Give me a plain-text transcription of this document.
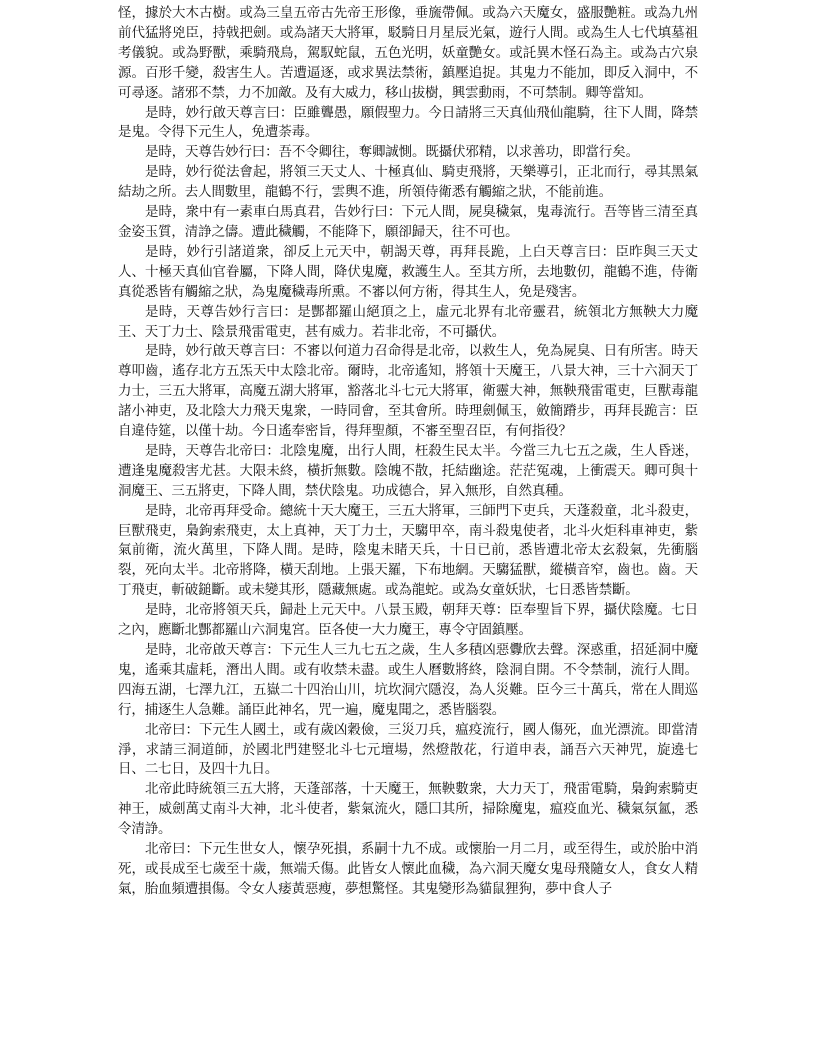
怪，據於大木古樹。或為三皇五帝古先帝王形像，垂旒帶佩。或為六天魔女，盛服艷粧。或為九州前代猛將兇臣，持戟把劍。或為諸天大將軍，駁騎日月星辰光氣，遊行人間。或為生人七代填墓祖考儀貌。或為野獸，乘騎飛鳥，駕馭蛇鼠，五色光明，妖童艷女。或託異木怪石為主。或為古穴泉源。百形千變，殺害生人。苦遭逼逐，或求異法禁術，鎮壓追捉。其鬼力不能加，即反入洞中，不可尋逐。諸邪不禁，力不加敵。及有大威力，移山拔樹，興雲動雨，不可禁制。卿等當知。

是時，妙行啟天尊言曰：臣雖聾愚，願假聖力。今日請將三天真仙飛仙龍騎，往下人間，降禁是鬼。令得下元生人，免遭荼毒。

是時，天尊告妙行曰：吾不令卿往，奪卿誠惻。既攝伏邪精，以求善功，即當行矣。

是時，妙行從法會起，將領三天丈人、十極真仙、騎吏飛將，天樂導引，正北而行，尋其黑氣結劫之所。去人間數里，龍鶴不行，雲輿不進，所領侍衛悉有觸縮之狀，不能前進。

是時，衆中有一素車白馬真君，告妙行曰：下元人間，屍臭穢氣，鬼毒流行。吾等皆三清至真金姿玉質，清諍之儔。遭此穢觸，不能降下，願卻歸天，往不可也。

是時，妙行引諸道衆，卻反上元天中，朝謁天尊，再拜長跪，上白天尊言曰：臣昨與三天丈人、十極天真仙官眷屬，下降人間，降伏鬼魔，救護生人。至其方所，去地數仞，龍鶴不進，侍衛真從悉皆有觸縮之狀，為鬼魔穢毒所熏。不審以何方術，得其生人，免是殘害。

是時，天尊告妙行言曰：是酆都羅山絕頂之上，虛元北界有北帝靈君，統領北方無鞅大力魔王、天丁力士、陰景飛雷電吏，甚有威力。若非北帝，不可攝伏。

是時，妙行啟天尊言曰：不審以何道力召命得是北帝，以救生人，免為屍臭、日有所害。時天尊叩齒，遙存北方五炁天中太陰北帝。爾時，北帝遙知，將領十天魔王，八景大神，三十六洞天丁力士，三五大將軍，高魔五湖大將軍，豁落北斗七元大將軍，衛靈大神，無鞅飛雷電吏，巨獸毒龍諸小神吏，及北陰大力飛天鬼衆，一時同會，至其會所。時理劍佩玉，斂簡蹐步，再拜長跪言：臣自違侍筵，以僅十劫。今日遙奉密旨，得拜聖顏，不審至聖召臣，有何指役？

是時，天尊告北帝曰：北陰鬼魔，出行人間，枉殺生民太半。今當三九七五之歲，生人昏迷，遭逢鬼魔殺害尤甚。大限未終，橫折無數。陰魄不散，托結幽途。茫茫冤魂，上衝震天。卿可與十洞魔王、三五將吏，下降人間，禁伏陰鬼。功成德合，昇入無形，自然真種。

是時，北帝再拜受命。總統十天大魔王，三五大將軍，三師門下吏兵，天蓬殺童，北斗殺吏，巨獸飛吏，梟鉤索飛吏，太上真神，天丁力士，天騶甲卒，南斗殺鬼使者，北斗火炬科車神吏，紫氣前衛，流火萬里，下降人間。是時，陰鬼未睹天兵，十日已前，悉皆遭北帝太玄殺氣，先衝腦裂，死向太半。北帝將降，橫天刮地。上張天羅，下布地網。天騶猛獸，縱橫音窄，齒也。齒。天丁飛吏，斬破鎚斷。或未變其形，隱藏無處。或為龍蛇。或為女童妖狀，七日悉皆禁斷。

是時，北帝將領天兵，歸赴上元天中。八景玉殿，朝拜天尊：臣奉聖旨下界，攝伏陰魔。七日之內，應斷北酆都羅山六洞鬼宮。臣各使一大力魔王，專令守固鎮壓。

是時，北帝啟天尊言：下元生人三九七五之歲，生人多積凶惡釁欣去聲。深惑重，招延洞中魔鬼，遙乘其虛耗，潛出人間。或有收禁未盡。或生人曆數將終，陰洞自開。不令禁制，流行人間。四海五湖，七澤九江，五嶽二十四治山川，坑坎洞穴隱沒，為人災難。臣今三十萬兵，常在人間巡行，捕逐生人急難。誦臣此神名，咒一遍，魔鬼聞之，悉皆腦裂。

北帝曰：下元生人國土，或有歲凶穀儉，三災刀兵，瘟疫流行，國人傷死，血光漂流。即當清淨，求請三洞道師，於國北門建竪北斗七元壇場，然燈散花，行道申表，誦吾六天神咒，旋遶七日、二七日，及四十九日。

北帝此時統領三五大將，天蓬部落，十天魔王，無鞅數衆，大力天丁，飛雷電騎，梟鉤索騎吏神王，威劍萬丈南斗大神，北斗使者，紫氣流火，隱囗其所，掃除魔鬼，瘟疫血光、穢氣氛氳，悉令清諍。

北帝曰：下元生世女人，懷孕死損，系嗣十九不成。或懷胎一月二月，或至得生，或於胎中消死，或長成至七歲至十歲，無端夭傷。此皆女人懷此血穢，為六洞天魔女鬼母飛隨女人，食女人精氣，胎血頻遭損傷。令女人痿黃惡瘦，夢想驚怪。其鬼變形為貓鼠狸狗，夢中食人子
